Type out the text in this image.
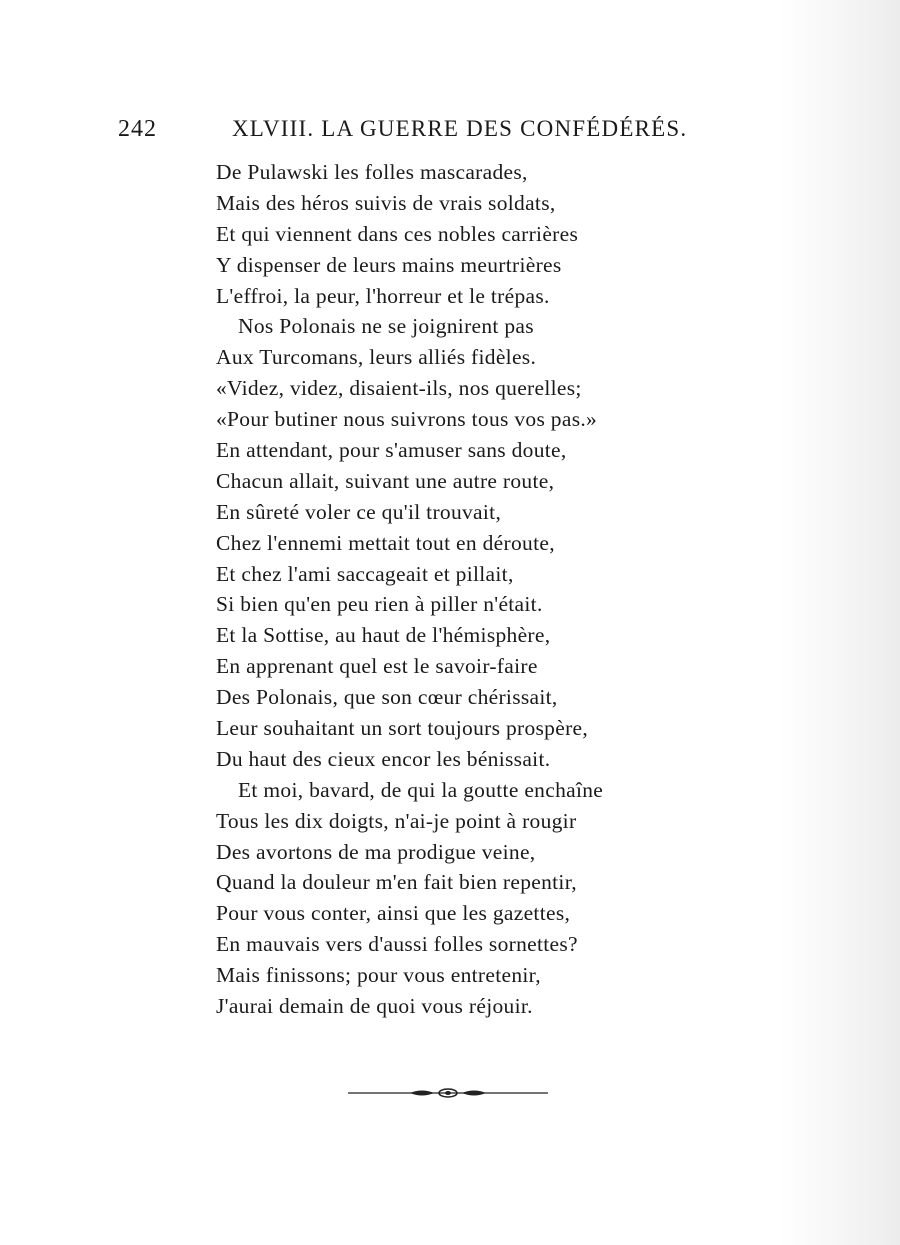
242	XLVIII. LA GUERRE DES CONFÉDÉRÉS.
De Pulawski les folles mascarades,
Mais des héros suivis de vrais soldats,
Et qui viennent dans ces nobles carrières
Y dispenser de leurs mains meurtrières
L'effroi, la peur, l'horreur et le trépas.
Nos Polonais ne se joignirent pas
Aux Turcomans, leurs alliés fidèles.
«Videz, videz, disaient-ils, nos querelles;
«Pour butiner nous suivrons tous vos pas.»
En attendant, pour s'amuser sans doute,
Chacun allait, suivant une autre route,
En sûreté voler ce qu'il trouvait,
Chez l'ennemi mettait tout en déroute,
Et chez l'ami saccageait et pillait,
Si bien qu'en peu rien à piller n'était.
Et la Sottise, au haut de l'hémisphère,
En apprenant quel est le savoir-faire
Des Polonais, que son cœur chérissait,
Leur souhaitant un sort toujours prospère,
Du haut des cieux encor les bénissait.
Et moi, bavard, de qui la goutte enchaîne
Tous les dix doigts, n'ai-je point à rougir
Des avortons de ma prodigue veine,
Quand la douleur m'en fait bien repentir,
Pour vous conter, ainsi que les gazettes,
En mauvais vers d'aussi folles sornettes?
Mais finissons; pour vous entretenir,
J'aurai demain de quoi vous réjouir.
